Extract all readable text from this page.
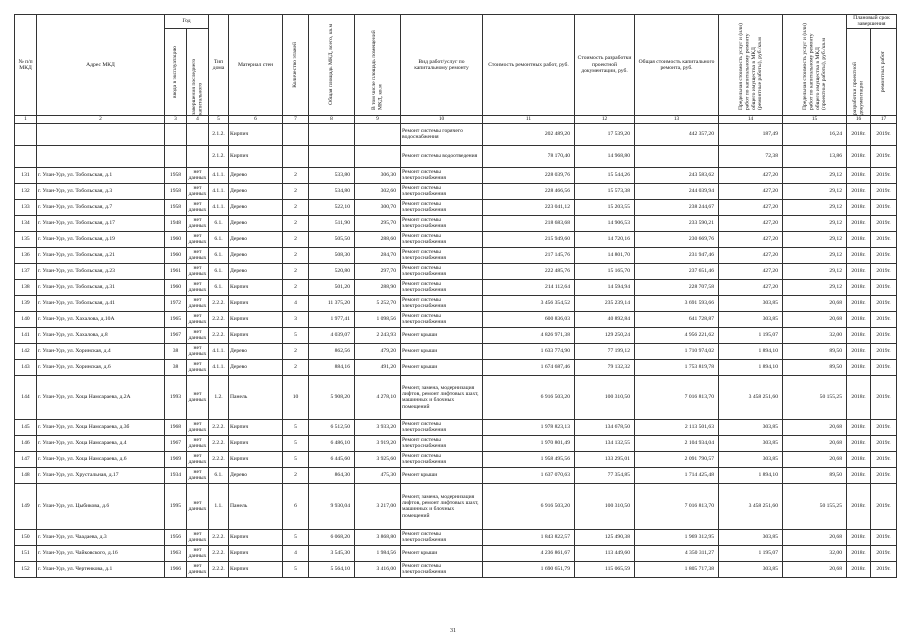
№ п/п МКД	Адрес МКД	Год		Тип дома	Материал стен	Количество этажей	Общая площадь МКД, всего, кв.м	В том числе площадь помещений МКД, кв.м	Вид работ/услуг по капитальному ремонту	Стоимость ремонтных работ, руб.	Стоимость разработки проектной документации, руб.	Общая стоимость капитального ремонта, руб.	Предельная стоимость услуг и (или) работ по капитальному ремонту общего имущества в МКД (ремонтные работы), руб./кв.м	Предельная стоимость услуг и (или) работ по капитальному ремонту общего имущества в МКД (проектные работы), руб./кв.м	Плановый срок завершения	

		ввода в эксплуатацию	завершения последнего капитального												разработки проектной документации	ремонтных работ

1	2	3	4	5	6	7	8	9	10	11	12	13	14	15	16	17
				2.1.2.	Кирпич				Ремонт системы горячего водоснабжения	202 489,20	17 539,20	442 357,20	187,49	16,24	2018г.	2019г.
				2.1.2.	Кирпич				Ремонт системы водоотведения	78 170,40	14 968,80		72,38	13,86	2018г.	2019г.
131	г. Улан-Удэ, ул. Тобольская, д.1	1958	нет данных	4.1.1.	Дерево	2	533,80	306,30	Ремонт системы электроснабжения	228 039,76	15 544,26	243 583,62	427,20	29,12	2018г.	2019г.
132	г. Улан-Удэ, ул. Тобольская, д.3	1958	нет данных	4.1.1.	Дерево	2	534,80	302,60	Ремонт системы электроснабжения	228 466,56	15 573,38	244 039,94	427,20	29,12	2018г.	2019г.
133	г. Улан-Удэ, ул. Тобольская, д.7	1958	нет данных	4.1.1.	Дерево	2	522,10	300,70	Ремонт системы электроснабжения	223 041,12	15 203,55	238 244,67	427,20	29,12	2018г.	2019г.
134	г. Улан-Удэ, ул. Тобольская, д.17	1948	нет данных	6.1.	Дерево	2	511,90	295,70	Ремонт системы электроснабжения	218 683,68	14 906,53	233 590,21	427,20	29,12	2018г.	2019г.
135	г. Улан-Удэ, ул. Тобольская, д.19	1960	нет данных	6.1.	Дерево	2	505,50	288,60	Ремонт системы электроснабжения	215 949,60	14 720,16	230 669,76	427,20	29,12	2018г.	2019г.
136	г. Улан-Удэ, ул. Тобольская, д.21	1960	нет данных	6.1.	Дерево	2	508,30	284,70	Ремонт системы электроснабжения	217 145,76	14 801,70	231 947,46	427,20	29,12	2018г.	2019г.
137	г. Улан-Удэ, ул. Тобольская, д.23	1961	нет данных	6.1.	Дерево	2	520,80	297,70	Ремонт системы электроснабжения	222 485,76	15 165,70	237 651,46	427,20	29,12	2018г.	2019г.
138	г. Улан-Удэ, ул. Тобольская, д.31	1960	нет данных	6.1.	Кирпич	2	501,20	288,90	Ремонт системы электроснабжения	214 112,64	14 594,94	228 707,58	427,20	29,12	2018г.	2019г.
139	г. Улан-Удэ, ул. Тобольская, д.41	1972	нет данных	2.2.2.	Кирпич	4	11 375,20	5 252,70	Ремонт системы электроснабжения	3 456 354,52	235 239,14	3 691 593,66	303,85	20,68	2018г.	2019г.
140	г. Улан-Удэ, ул. Хахалова, д.10А	1965	нет данных	2.2.2.	Кирпич	3	1 977,41	1 098,56	Ремонт системы электроснабжения	600 836,03	40 892,84	641 728,87	303,85	20,68	2018г.	2019г.
141	г. Улан-Удэ, ул. Хахалова, д.8	1967	нет данных	2.2.2.	Кирпич	5	4 039,07	2 243,93	Ремонт крыши	4 826 971,38	129 250,24	4 956 221,62	1 195,07	32,00	2018г.	2019г.
142	г. Улан-Удэ, ул. Хоринская, д.4	38	нет данных	4.1.1.	Дерево	2	862,56	479,20	Ремонт крыши	1 633 774,90	77 199,12	1 710 974,02	1 894,10	89,50	2018г.	2019г.
143	г. Улан-Удэ, ул. Хоринская, д.6	38	нет данных	4.1.1.	Дерево	2	884,16	491,20	Ремонт крыши	1 674 687,46	79 132,32	1 753 819,78	1 894,10	89,50	2018г.	2019г.
144	г. Улан-Удэ, ул. Хоца Намсараева, д.2А	1993	нет данных	1.2.	Панель	10	5 908,20	4 278,10	Ремонт, замена, модернизация лифтов, ремонт лифтовых шахт, машинных и блочных помещений	6 916 503,20	100 310,50	7 016 813,70	3 458 251,60	50 155,25	2018г.	2019г.
145	г. Улан-Удэ, ул. Хоца Намсараева, д.3б	1968	нет данных	2.2.2.	Кирпич	5	6 512,50	3 933,20	Ремонт системы электроснабжения	1 978 823,13	134 678,50	2 113 501,63	303,85	20,68	2018г.	2019г.
146	г. Улан-Удэ, ул. Хоца Намсараева, д.4	1967	нет данных	2.2.2.	Кирпич	5	6 486,10	3 919,20	Ремонт системы электроснабжения	1 970 801,49	134 132,55	2 104 934,04	303,85	20,68	2018г.	2019г.
147	г. Улан-Удэ, ул. Хоца Намсараева, д.6	1969	нет данных	2.2.2.	Кирпич	5	6 445,60	3 925,60	Ремонт системы электроснабжения	1 958 495,56	133 295,01	2 091 790,57	303,85	20,68	2018г.	2019г.
148	г. Улан-Удэ, ул. Хрустальная, д.17	1934	нет данных	6.1.	Дерево	2	864,30	475,30	Ремонт крыши	1 637 070,63	77 354,85	1 714 425,48	1 894,10	89,50	2018г.	2019г.
149	г. Улан-Удэ, ул. Цыбикова, д.6	1995	нет данных	1.1.	Панель	6	9 930,04	3 217,00	Ремонт, замена, модернизация лифтов, ремонт лифтовых шахт, машинных и блочных помещений	6 916 503,20	100 310,50	7 016 813,70	3 458 251,60	50 155,25	2018г.	2019г.
150	г. Улан-Удэ, ул. Чаадаева, д.3	1956	нет данных	2.2.2.	Кирпич	5	6 068,20	3 868,80	Ремонт системы электроснабжения	1 843 822,57	125 490,38	1 969 312,95	303,85	20,68	2018г.	2019г.
151	г. Улан-Удэ, ул. Чайковского, д.16	1963	нет данных	2.2.2.	Кирпич	4	3 545,30	1 984,56	Ремонт крыши	4 236 861,67	113 449,60	4 350 311,27	1 195,07	32,00	2018г.	2019г.
152	г. Улан-Удэ, ул. Чертенкова, д.1	1966	нет данных	2.2.2.	Кирпич	5	5 564,10	3 416,00	Ремонт системы электроснабжения	1 690 651,79	115 065,59	1 805 717,38	303,85	20,68	2018г.	2019г.
31
